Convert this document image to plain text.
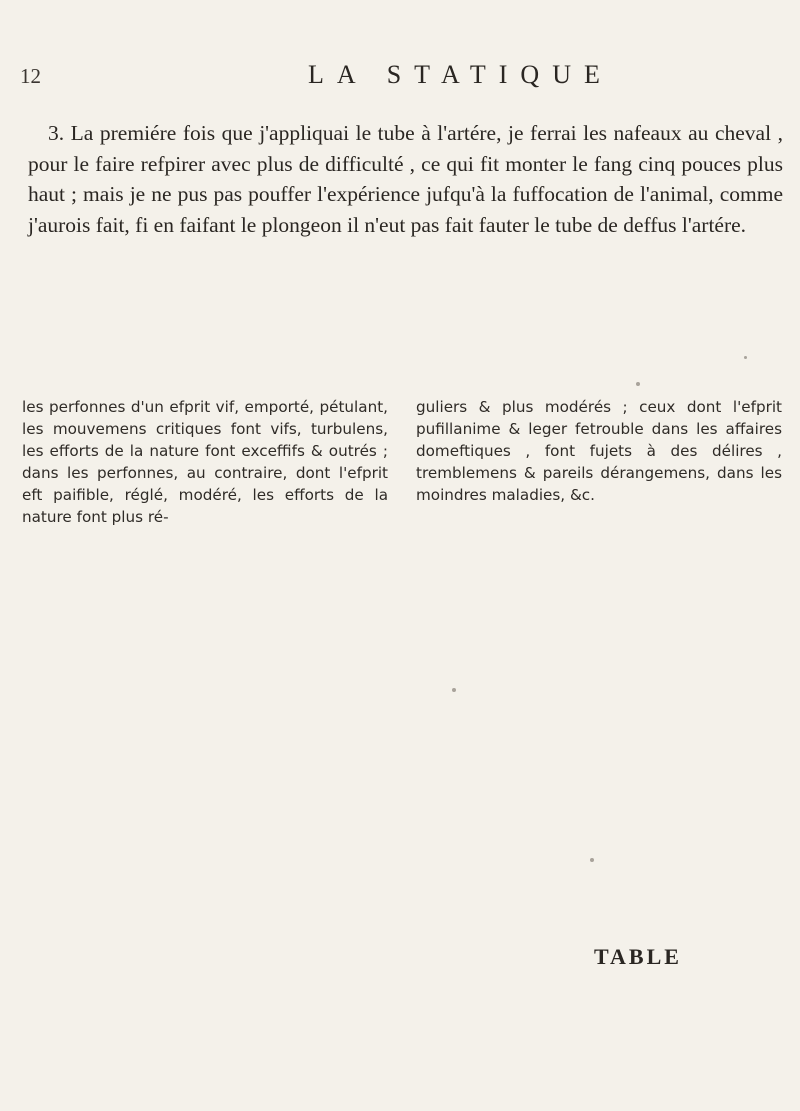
12	LA STATIQUE

3. La premiére fois que j'appliquai le tube à l'artére, je ferrai les nafeaux au cheval , pour le faire refpirer avec plus de difficulté , ce qui fit monter le fang cinq pouces plus haut ; mais je ne pus pas pouffer l'expérience jufqu'à la fuffocation de l'animal, comme j'aurois fait, fi en faifant le plongeon il n'eut pas fait fauter le tube de deffus l'artére.

les perfonnes d'un efprit vif, emporté, pétulant, les mouvemens critiques font vifs, turbulens, les efforts de la nature font exceffifs & outrés ; dans les perfonnes, au contraire, dont l'efprit eft paifible, réglé, modéré, les efforts de la nature font plus ré-

guliers & plus modérés ; ceux dont l'efprit pufillanime & leger fetrouble dans les affaires domeftiques , font fujets à des délires , tremblemens & pareils dérangemens, dans les moindres maladies, &c.

TABLE
